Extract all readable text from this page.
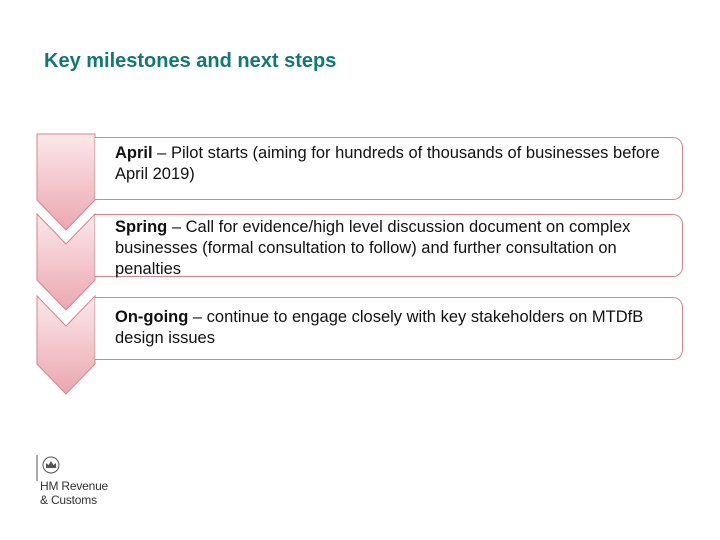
Key milestones and next steps
April – Pilot starts (aiming for hundreds of thousands of businesses before April 2019)
Spring – Call for evidence/high level discussion document on complex businesses (formal consultation to follow) and further consultation on penalties
On-going – continue to engage closely with key stakeholders on MTDfB design issues
HM Revenue
& Customs
